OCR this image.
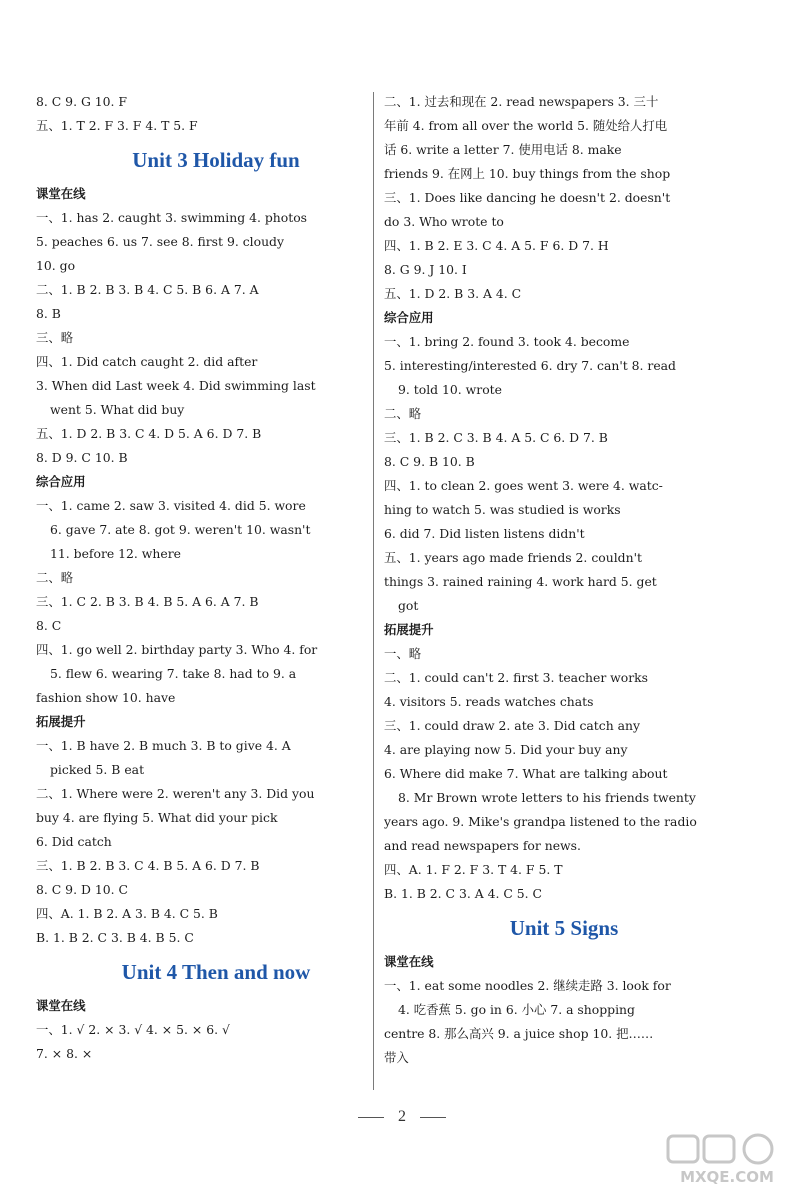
8. C 9. G 10. F
五、1. T 2. F 3. F 4. T 5. F
Unit 3 Holiday fun
课堂在线
一、1. has 2. caught 3. swimming 4. photos
5. peaches 6. us 7. see 8. first 9. cloudy
10. go
二、1. B 2. B 3. B 4. C 5. B 6. A 7. A
8. B
三、略
四、1. Did catch caught 2. did after
3. When did Last week 4. Did swimming last
went 5. What did buy
五、1. D 2. B 3. C 4. D 5. A 6. D 7. B
8. D 9. C 10. B
综合应用
一、1. came 2. saw 3. visited 4. did 5. wore
6. gave 7. ate 8. got 9. weren't 10. wasn't
11. before 12. where
二、略
三、1. C 2. B 3. B 4. B 5. A 6. A 7. B
8. C
四、1. go well 2. birthday party 3. Who 4. for
5. flew 6. wearing 7. take 8. had to 9. a
fashion show 10. have
拓展提升
一、1. B have 2. B much 3. B to give 4. A
picked 5. B eat
二、1. Where were 2. weren't any 3. Did you
buy 4. are flying 5. What did your pick
6. Did catch
三、1. B 2. B 3. C 4. B 5. A 6. D 7. B
8. C 9. D 10. C
四、A. 1. B 2. A 3. B 4. C 5. B
B. 1. B 2. C 3. B 4. B 5. C
Unit 4 Then and now
课堂在线
一、1. √ 2. × 3. √ 4. × 5. × 6. √
7. × 8. ×
二、1. 过去和现在 2. read newspapers 3. 三十
年前 4. from all over the world 5. 随处给人打电
话 6. write a letter 7. 使用电话 8. make
friends 9. 在网上 10. buy things from the shop
三、1. Does like dancing he doesn't 2. doesn't
do 3. Who wrote to
四、1. B 2. E 3. C 4. A 5. F 6. D 7. H
8. G 9. J 10. I
五、1. D 2. B 3. A 4. C
综合应用
一、1. bring 2. found 3. took 4. become
5. interesting/interested 6. dry 7. can't 8. read
9. told 10. wrote
二、略
三、1. B 2. C 3. B 4. A 5. C 6. D 7. B
8. C 9. B 10. B
四、1. to clean 2. goes went 3. were 4. watc-
hing to watch 5. was studied is works
6. did 7. Did listen listens didn't
五、1. years ago made friends 2. couldn't
things 3. rained raining 4. work hard 5. get
got
拓展提升
一、略
二、1. could can't 2. first 3. teacher works
4. visitors 5. reads watches chats
三、1. could draw 2. ate 3. Did catch any
4. are playing now 5. Did your buy any
6. Where did make 7. What are talking about
8. Mr Brown wrote letters to his friends twenty
years ago. 9. Mike's grandpa listened to the radio
and read newspapers for news.
四、A. 1. F 2. F 3. T 4. F 5. T
B. 1. B 2. C 3. A 4. C 5. C
Unit 5 Signs
课堂在线
一、1. eat some noodles 2. 继续走路 3. look for
4. 吃香蕉 5. go in 6. 小心 7. a shopping
centre 8. 那么高兴 9. a juice shop 10. 把……
带入
2
MXQE.COM
